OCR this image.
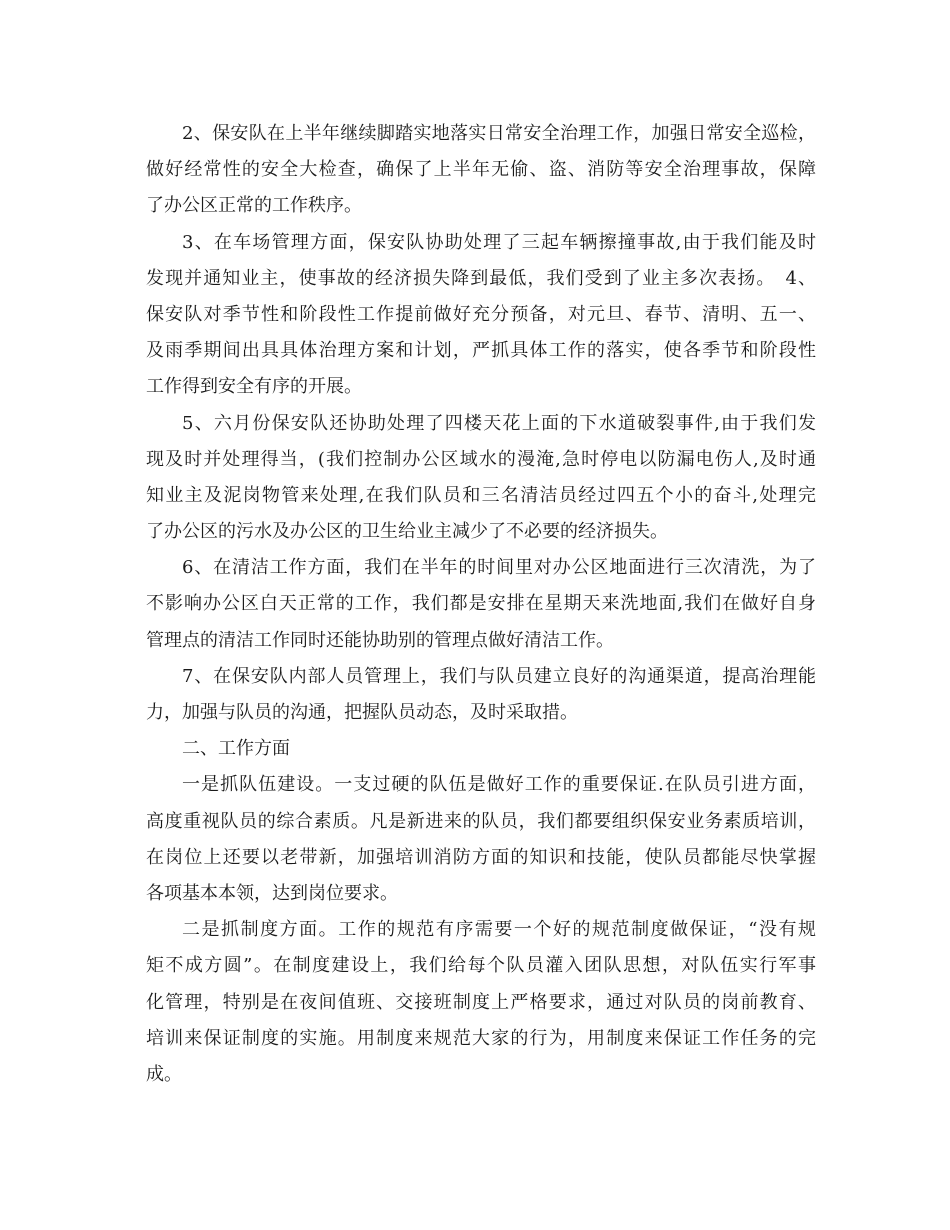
2、保安队在上半年继续脚踏实地落实日常安全治理工作，加强日常安全巡检，
做好经常性的安全大检查，确保了上半年无偷、盗、消防等安全治理事故，保障
了办公区正常的工作秩序。
3、在车场管理方面，保安队协助处理了三起车辆擦撞事故,由于我们能及时
发现并通知业主，使事故的经济损失降到最低，我们受到了业主多次表扬。　4、
保安队对季节性和阶段性工作提前做好充分预备，对元旦、春节、清明、五一、
及雨季期间出具具体治理方案和计划，严抓具体工作的落实，使各季节和阶段性
工作得到安全有序的开展。
5、六月份保安队还协助处理了四楼天花上面的下水道破裂事件,由于我们发
现及时并处理得当，(我们控制办公区域水的漫淹,急时停电以防漏电伤人,及时通
知业主及泥岗物管来处理,在我们队员和三名清洁员经过四五个小的奋斗,处理完
了办公区的污水及办公区的卫生给业主减少了不必要的经济损失。
6、在清洁工作方面，我们在半年的时间里对办公区地面进行三次清洗，为了
不影响办公区白天正常的工作，我们都是安排在星期天来洗地面,我们在做好自身
管理点的清洁工作同时还能协助别的管理点做好清洁工作。
7、在保安队内部人员管理上，我们与队员建立良好的沟通渠道，提高治理能
力，加强与队员的沟通，把握队员动态，及时采取措。
二、工作方面
一是抓队伍建设。一支过硬的队伍是做好工作的重要保证.在队员引进方面，
高度重视队员的综合素质。凡是新进来的队员，我们都要组织保安业务素质培训，
在岗位上还要以老带新，加强培训消防方面的知识和技能，使队员都能尽快掌握
各项基本本领，达到岗位要求。
二是抓制度方面。工作的规范有序需要一个好的规范制度做保证，“没有规
矩不成方圆”。在制度建设上，我们给每个队员灌入团队思想，对队伍实行军事
化管理，特别是在夜间值班、交接班制度上严格要求，通过对队员的岗前教育、
培训来保证制度的实施。用制度来规范大家的行为，用制度来保证工作任务的完
成。
